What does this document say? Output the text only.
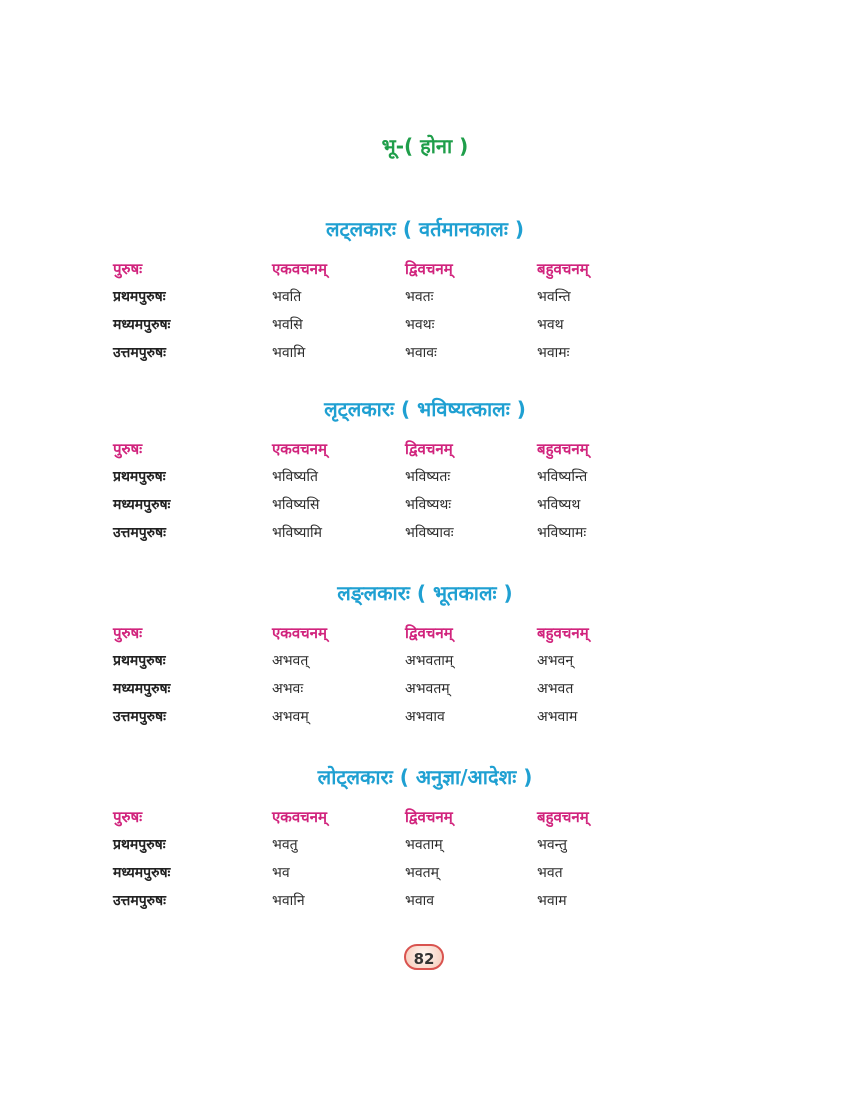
भू-( होना )
लट्लकारः ( वर्तमानकालः )
पुरुषः	एकवचनम्	द्विवचनम्	बहुवचनम्
प्रथमपुरुषः	भवति	भवतः	भवन्ति
मध्यमपुरुषः	भवसि	भवथः	भवथ
उत्तमपुरुषः	भवामि	भवावः	भवामः
लृट्लकारः ( भविष्यत्कालः )
पुरुषः	एकवचनम्	द्विवचनम्	बहुवचनम्
प्रथमपुरुषः	भविष्यति	भविष्यतः	भविष्यन्ति
मध्यमपुरुषः	भविष्यसि	भविष्यथः	भविष्यथ
उत्तमपुरुषः	भविष्यामि	भविष्यावः	भविष्यामः
लङ्लकारः ( भूतकालः )
पुरुषः	एकवचनम्	द्विवचनम्	बहुवचनम्
प्रथमपुरुषः	अभवत्	अभवताम्	अभवन्
मध्यमपुरुषः	अभवः	अभवतम्	अभवत
उत्तमपुरुषः	अभवम्	अभवाव	अभवाम
लोट्लकारः ( अनुज्ञा/आदेशः )
पुरुषः	एकवचनम्	द्विवचनम्	बहुवचनम्
प्रथमपुरुषः	भवतु	भवताम्	भवन्तु
मध्यमपुरुषः	भव	भवतम्	भवत
उत्तमपुरुषः	भवानि	भवाव	भवाम
82
